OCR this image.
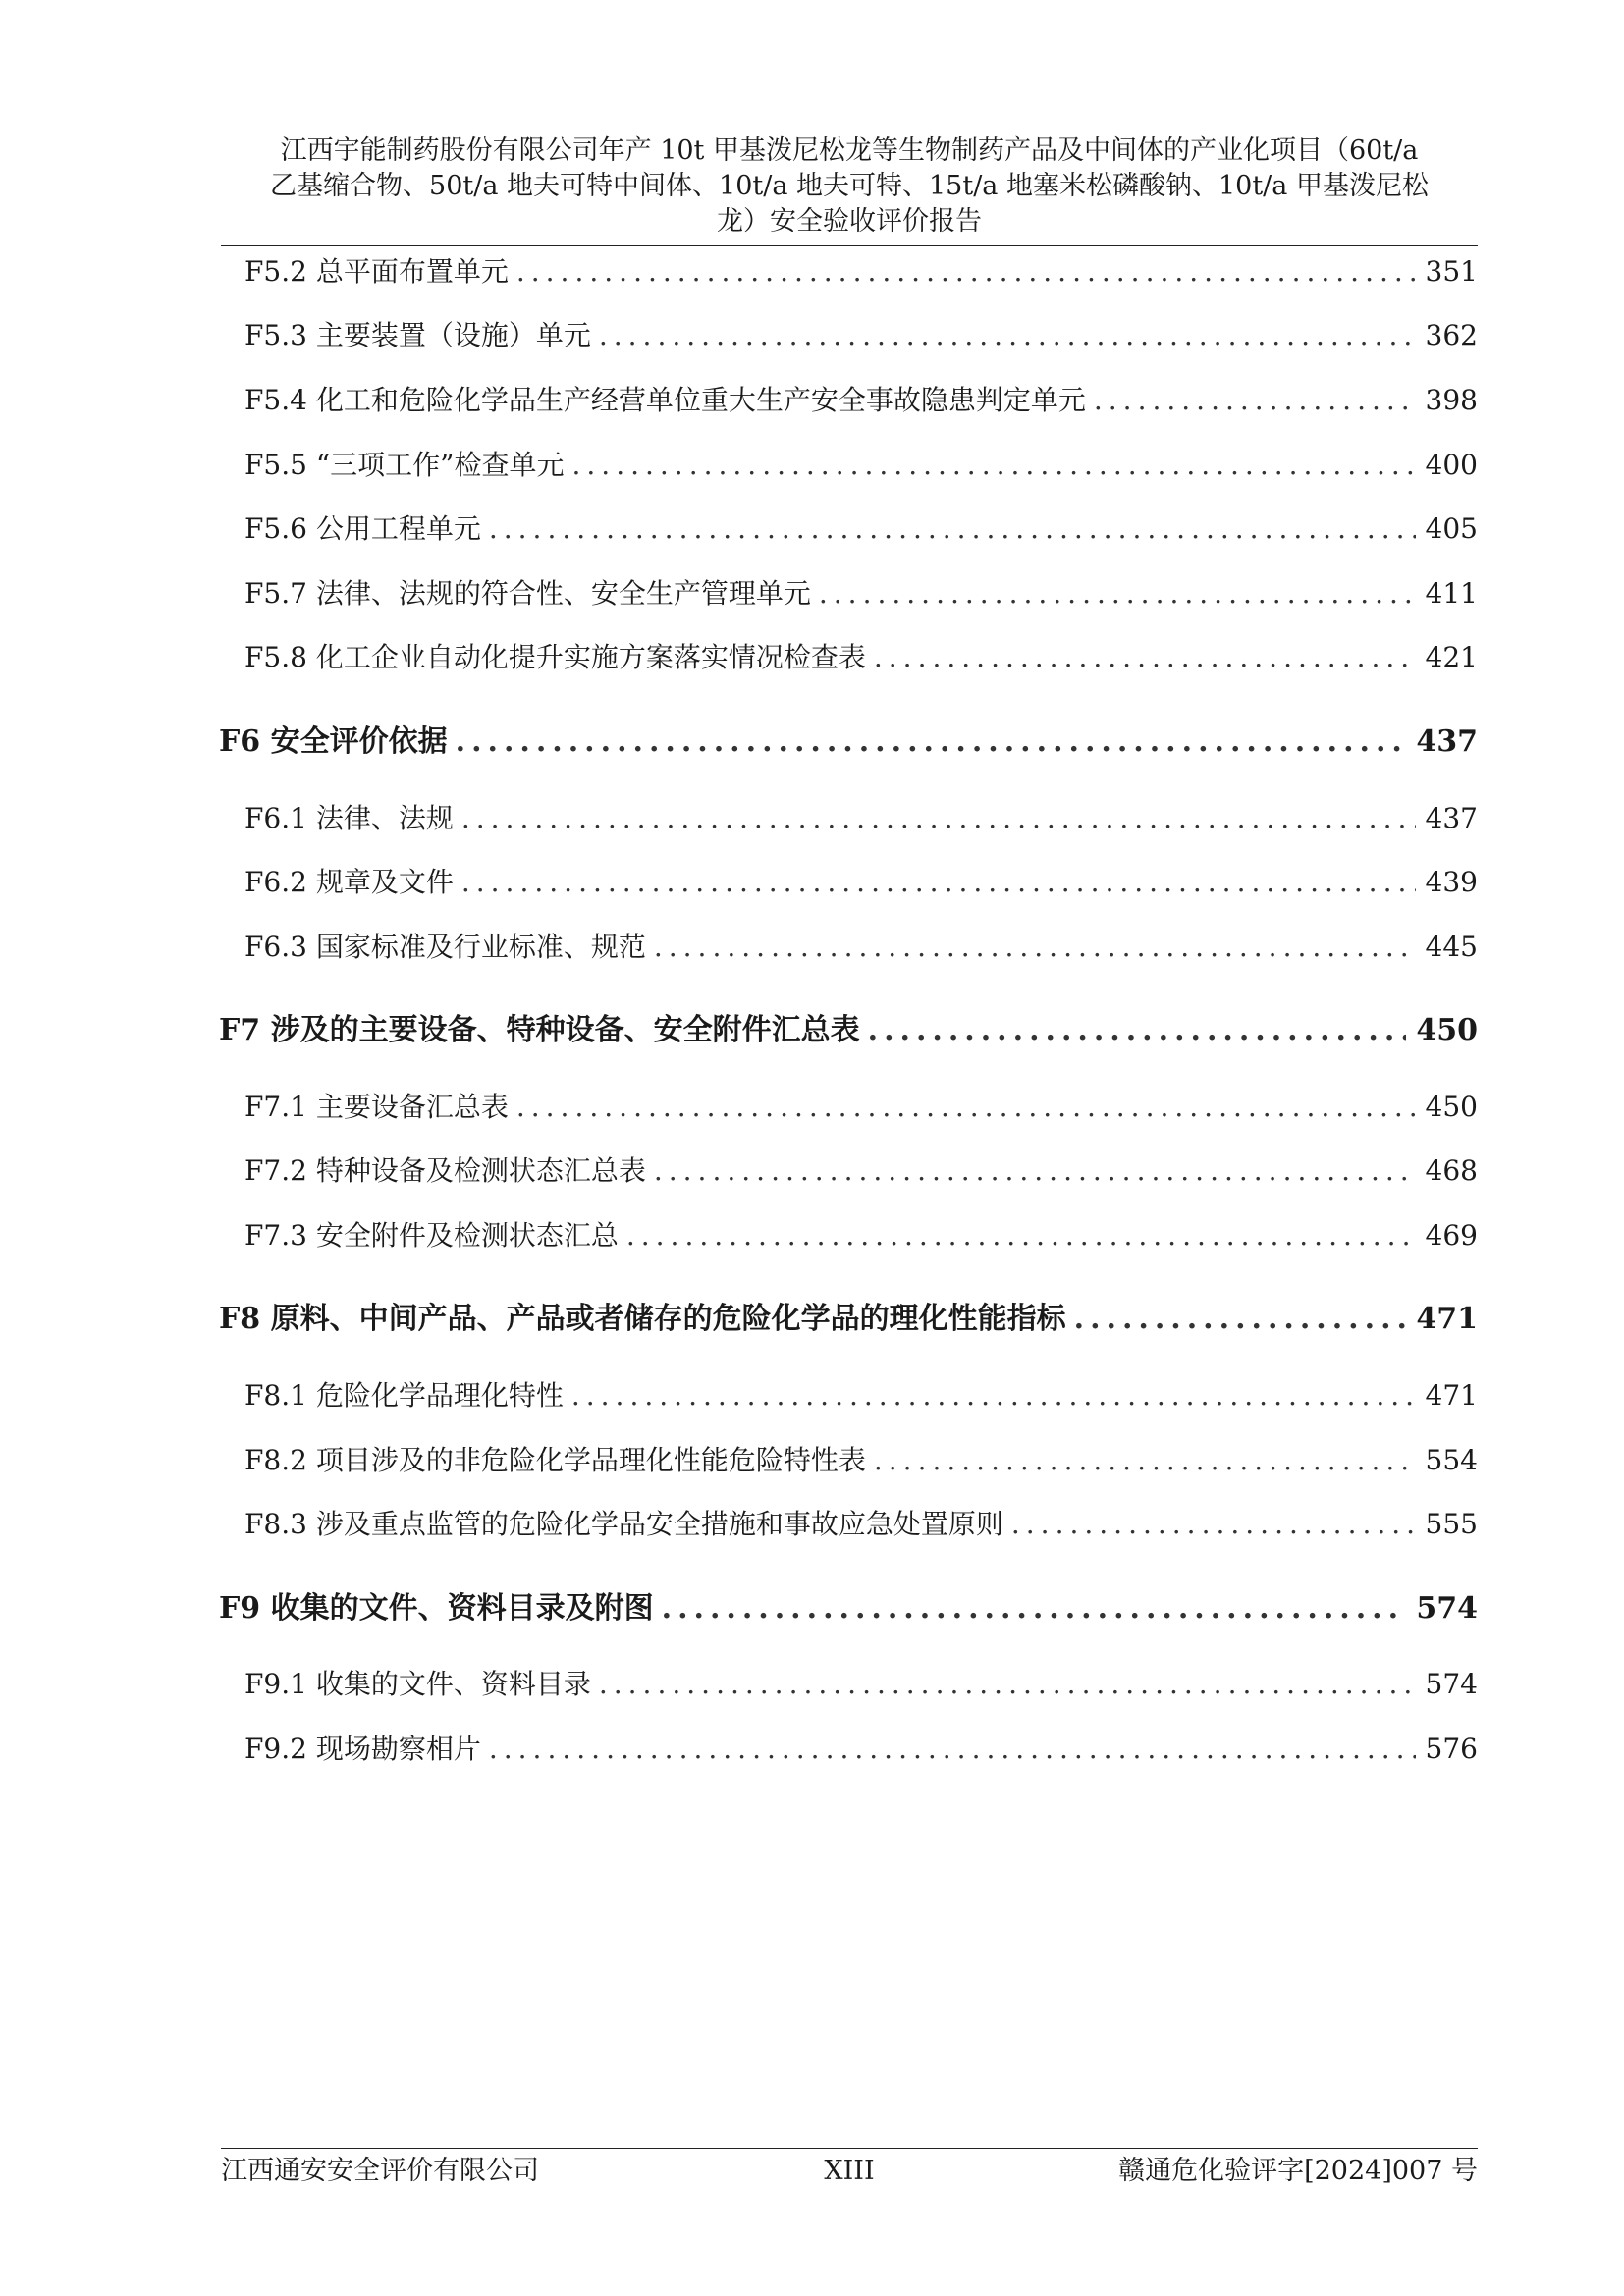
江西宇能制药股份有限公司年产 10t 甲基泼尼松龙等生物制药产品及中间体的产业化项目（60t/a
乙基缩合物、50t/a 地夫可特中间体、10t/a 地夫可特、15t/a 地塞米松磷酸钠、10t/a 甲基泼尼松
龙）安全验收评价报告
F5.2 总平面布置单元 .....	351
F5.3 主要装置（设施）单元 .....	362
F5.4 化工和危险化学品生产经营单位重大生产安全事故隐患判定单元 .....	398
F5.5 “三项工作”检查单元 .....	400
F5.6 公用工程单元 .....	405
F5.7 法律、法规的符合性、安全生产管理单元 .....	411
F5.8 化工企业自动化提升实施方案落实情况检查表 .....	421
F6 安全评价依据 .....	437
F6.1 法律、法规 .....	437
F6.2 规章及文件 .....	439
F6.3 国家标准及行业标准、规范 .....	445
F7 涉及的主要设备、特种设备、安全附件汇总表 .....	450
F7.1 主要设备汇总表 .....	450
F7.2 特种设备及检测状态汇总表 .....	468
F7.3 安全附件及检测状态汇总 .....	469
F8 原料、中间产品、产品或者储存的危险化学品的理化性能指标 .....	471
F8.1 危险化学品理化特性 .....	471
F8.2 项目涉及的非危险化学品理化性能危险特性表 .....	554
F8.3 涉及重点监管的危险化学品安全措施和事故应急处置原则 .....	555
F9 收集的文件、资料目录及附图 .....	574
F9.1 收集的文件、资料目录 .....	574
F9.2 现场勘察相片 .....	576
江西通安安全评价有限公司	XIII	赣通危化验评字[2024]007 号
